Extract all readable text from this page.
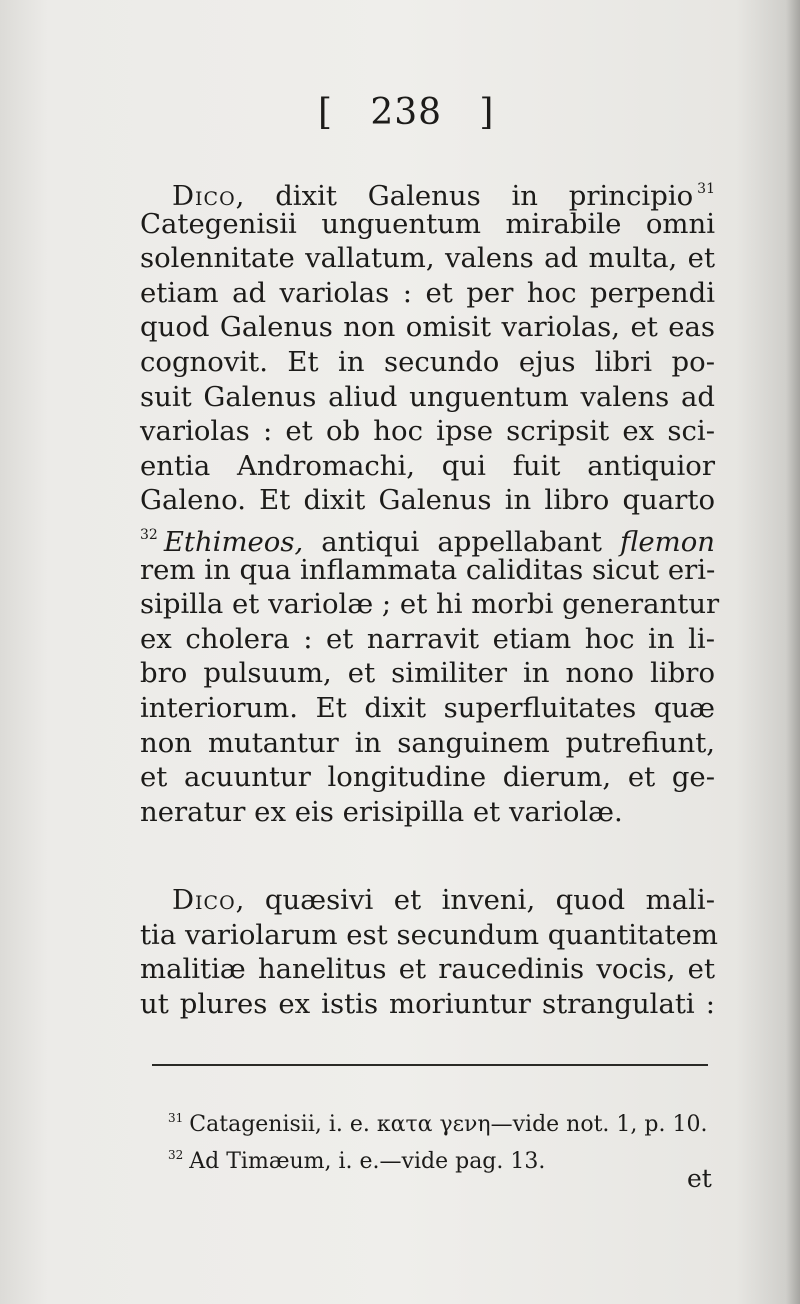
[   238   ]
Dico, dixit Galenus in principio $^{31}$
Categenisii unguentum mirabile omni
solennitate vallatum, valens ad multa, et
etiam ad variolas : et per hoc perpendi
quod Galenus non omisit variolas, et eas
cognovit. Et in secundo ejus libri po-
suit Galenus aliud unguentum valens ad
variolas : et ob hoc ipse scripsit ex sci-
entia Andromachi, qui fuit antiquior
Galeno. Et dixit Galenus in libro quarto
$^{32}$ Ethimeos, antiqui appellabant flemon
rem in qua inflammata caliditas sicut eri-
sipilla et variolæ ; et hi morbi generantur
ex cholera : et narravit etiam hoc in li-
bro pulsuum, et similiter in nono libro
interiorum. Et dixit superfluitates quæ
non mutantur in sanguinem putrefiunt,
et acuuntur longitudine dierum, et ge-
neratur ex eis erisipilla et variolæ.
Dico, quæsivi et inveni, quod mali-
tia variolarum est secundum quantitatem
malitiæ hanelitus et raucedinis vocis, et
ut plures ex istis moriuntur strangulati :
$^{31}$ Catagenisii, i. e. κατα γενη—vide not. 1, p. 10.
$^{32}$ Ad Timæum, i. e.—vide pag. 13.
et
